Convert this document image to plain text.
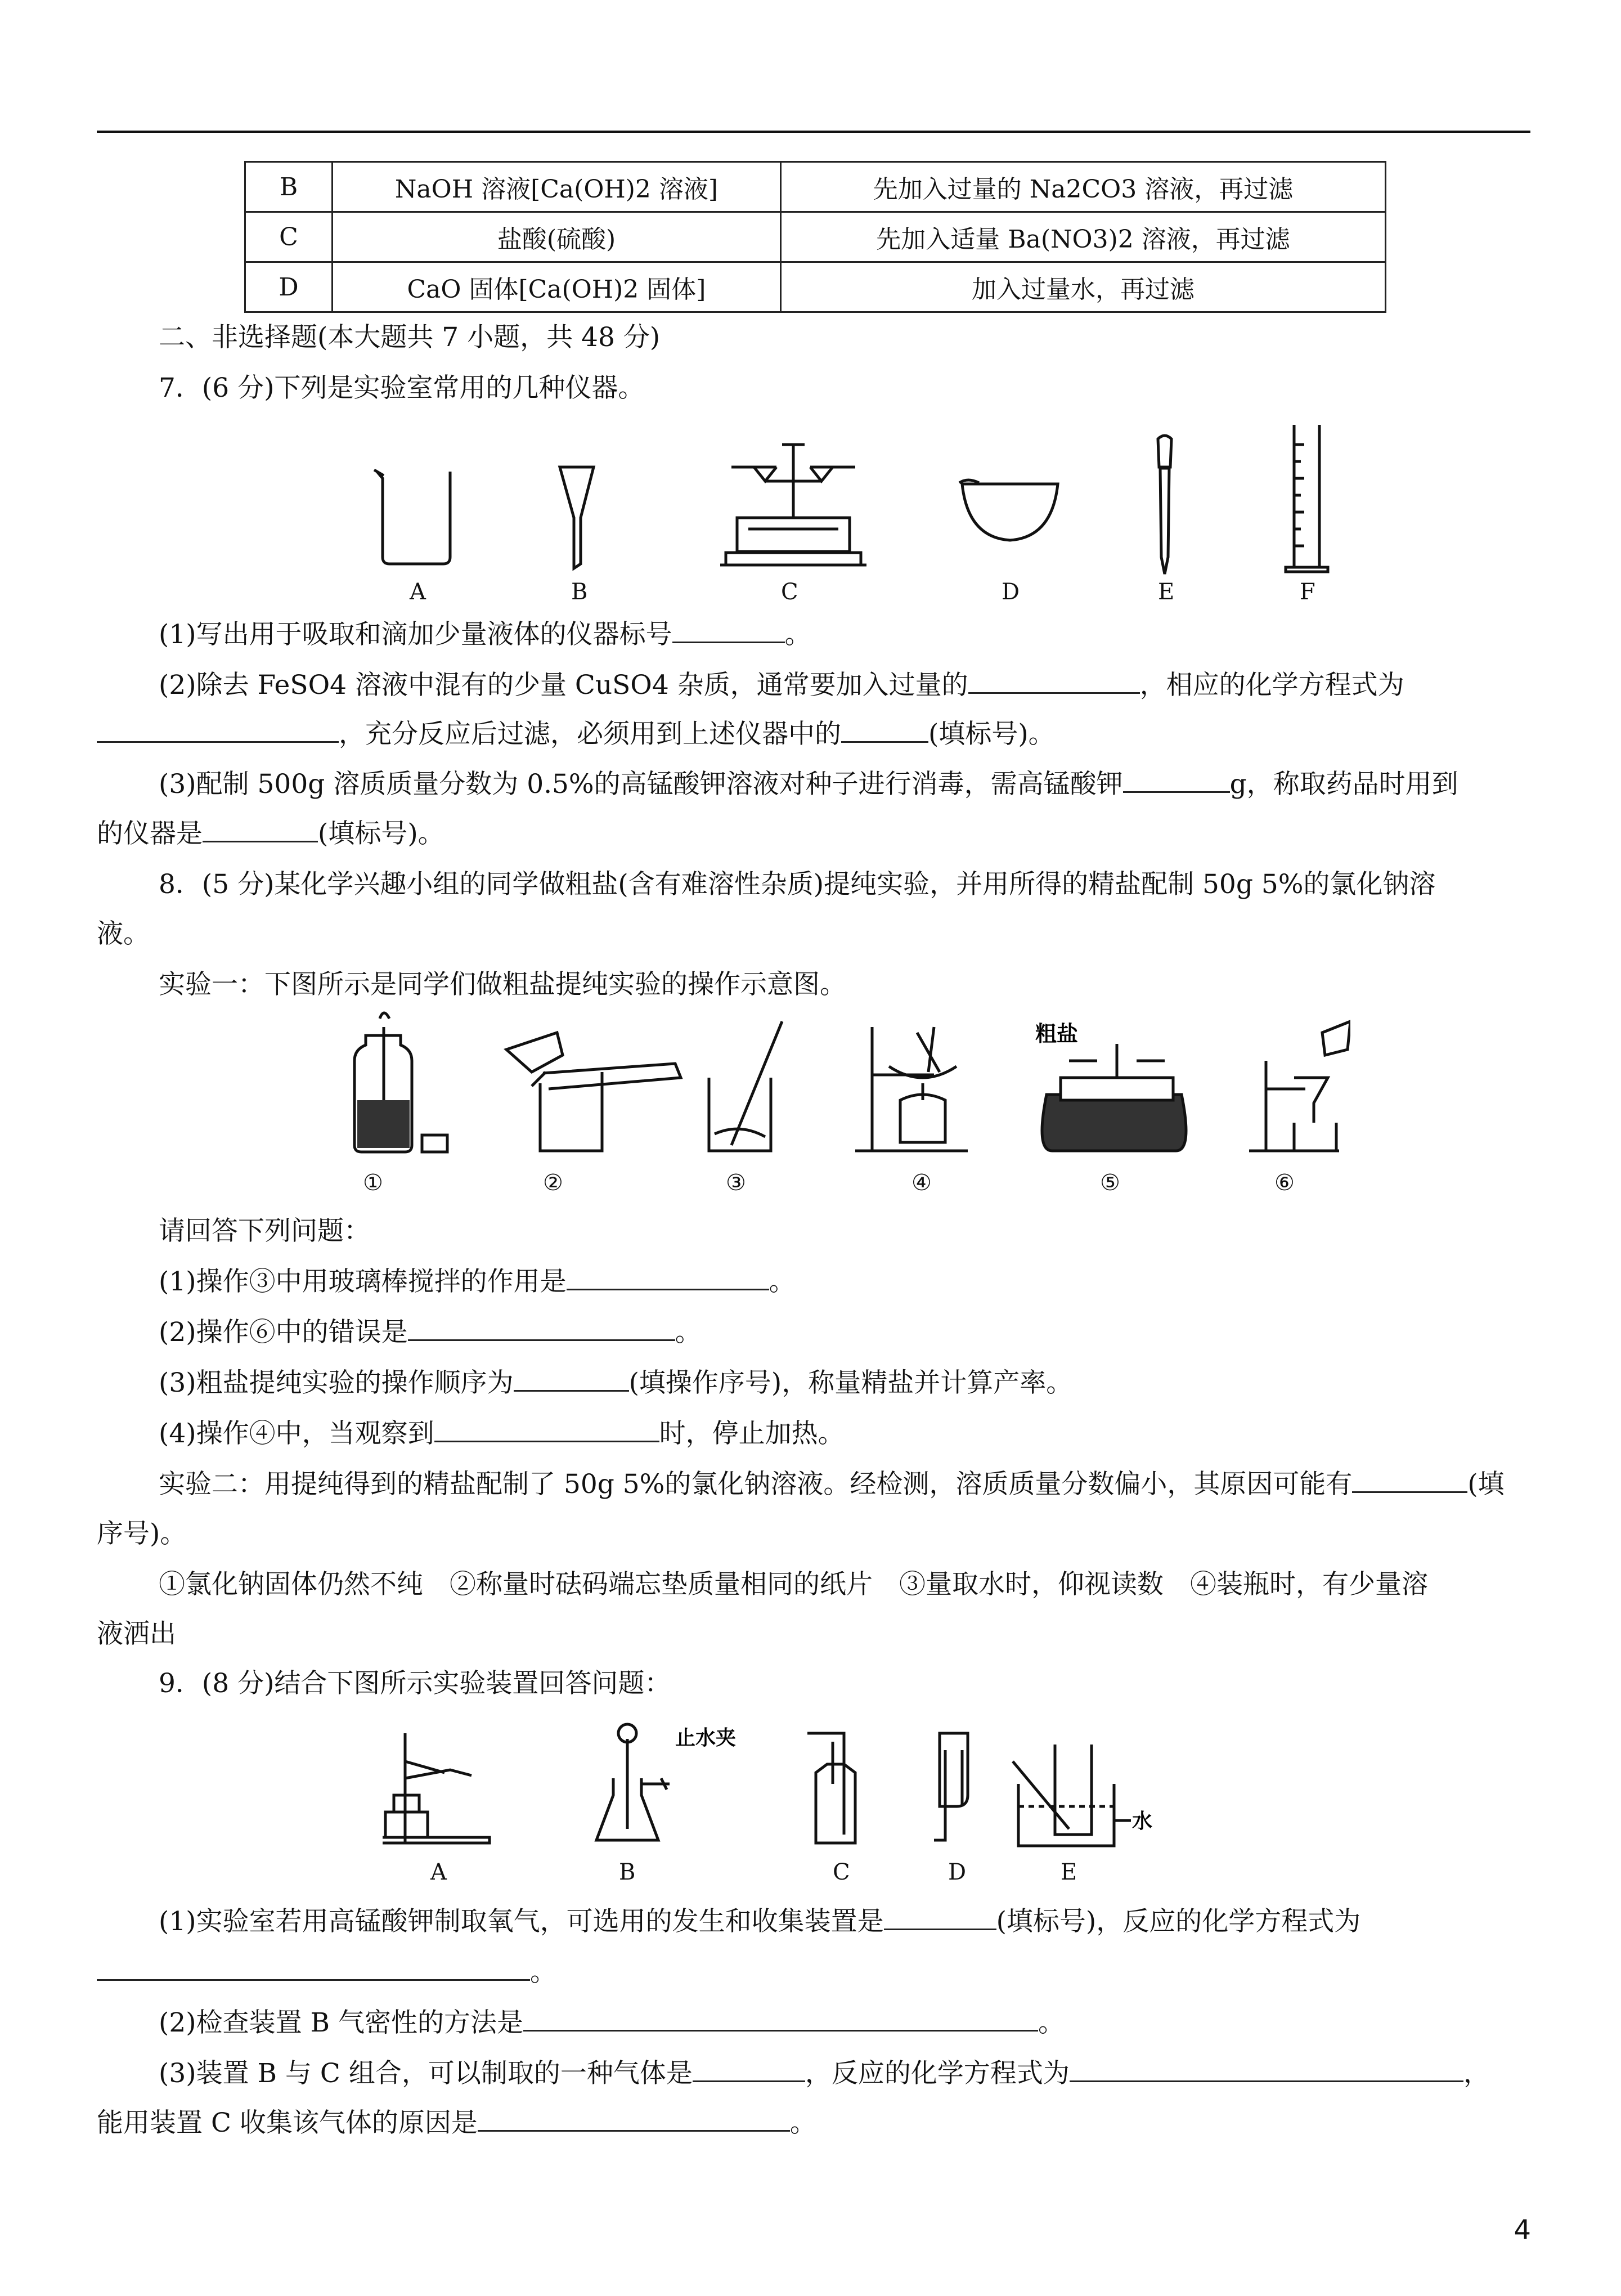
B	NaOH 溶液[Ca(OH)2 溶液]	先加入过量的 Na2CO3 溶液，再过滤
C	盐酸(硫酸)	先加入适量 Ba(NO3)2 溶液，再过滤
D	CaO 固体[Ca(OH)2 固体]	加入过量水，再过滤
二、非选择题(本大题共 7 小题，共 48 分)
7．(6 分)下列是实验室常用的几种仪器。
A	B	C	D	E	F
(1)写出用于吸取和滴加少量液体的仪器标号	。
(2)除去 FeSO4 溶液中混有的少量 CuSO4 杂质，通常要加入过量的	，相应的化学方程式为
，充分反应后过滤，必须用到上述仪器中的	(填标号)。
(3)配制 500g 溶质质量分数为 0.5%的高锰酸钾溶液对种子进行消毒，需高锰酸钾	g，称取药品时用到
的仪器是	(填标号)。
8．(5 分)某化学兴趣小组的同学做粗盐(含有难溶性杂质)提纯实验，并用所得的精盐配制 50g 5%的氯化钠溶
液。
实验一：下图所示是同学们做粗盐提纯实验的操作示意图。
粗盐
①	②	③	④	⑤	⑥
请回答下列问题：
(1)操作③中用玻璃棒搅拌的作用是	。
(2)操作⑥中的错误是	。
(3)粗盐提纯实验的操作顺序为	(填操作序号)，称量精盐并计算产率。
(4)操作④中，当观察到	时，停止加热。
实验二：用提纯得到的精盐配制了 50g 5%的氯化钠溶液。经检测，溶质质量分数偏小，其原因可能有	(填
序号)。
①氯化钠固体仍然不纯　②称量时砝码端忘垫质量相同的纸片　③量取水时，仰视读数　④装瓶时，有少量溶
液洒出
9．(8 分)结合下图所示实验装置回答问题：
止水夹
水
A	B	C	D	E
(1)实验室若用高锰酸钾制取氧气，可选用的发生和收集装置是	(填标号)，反应的化学方程式为
。
(2)检查装置 B 气密性的方法是	。
(3)装置 B 与 C 组合，可以制取的一种气体是	，反应的化学方程式为	，
能用装置 C 收集该气体的原因是	。
4
